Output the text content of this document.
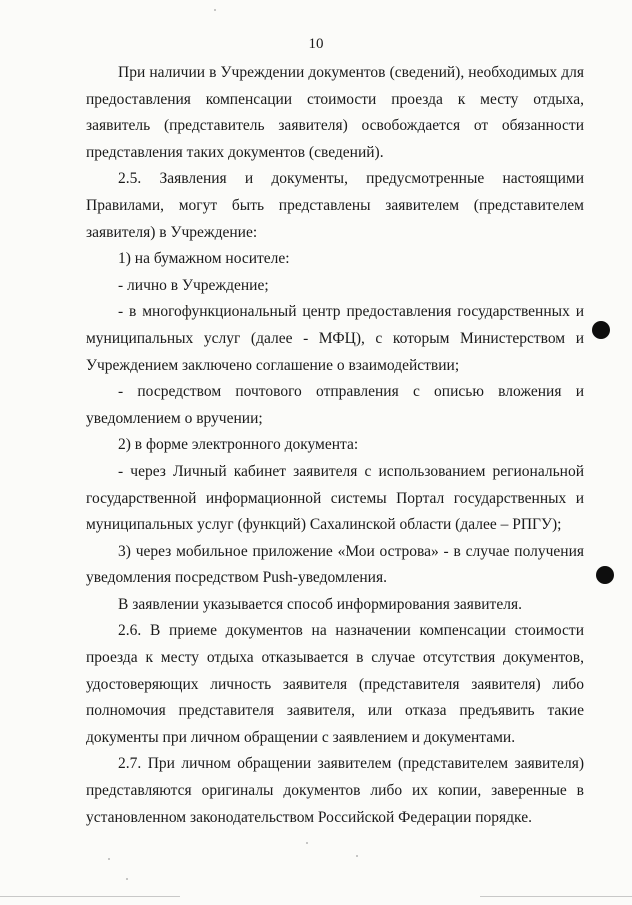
10

При наличии в Учреждении документов (сведений), необходимых для предоставления компенсации стоимости проезда к месту отдыха, заявитель (представитель заявителя) освобождается от обязанности представления таких документов (сведений).

2.5. Заявления и документы, предусмотренные настоящими Правилами, могут быть представлены заявителем (представителем заявителя) в Учреждение:

1) на бумажном носителе:

- лично в Учреждение;

- в многофункциональный центр предоставления государственных и муниципальных услуг (далее - МФЦ), с которым Министерством и Учреждением заключено соглашение о взаимодействии;

- посредством почтового отправления с описью вложения и уведомлением о вручении;

2) в форме электронного документа:

- через Личный кабинет заявителя с использованием региональной государственной информационной системы Портал государственных и муниципальных услуг (функций) Сахалинской области (далее – РПГУ);

3) через мобильное приложение «Мои острова» - в случае получения уведомления посредством Push-уведомления.

В заявлении указывается способ информирования заявителя.

2.6. В приеме документов на назначении компенсации стоимости проезда к месту отдыха отказывается в случае отсутствия документов, удостоверяющих личность заявителя (представителя заявителя) либо полномочия представителя заявителя, или отказа предъявить такие документы при личном обращении с заявлением и документами.

2.7. При личном обращении заявителем (представителем заявителя) представляются оригиналы документов либо их копии, заверенные в установленном законодательством Российской Федерации порядке.
